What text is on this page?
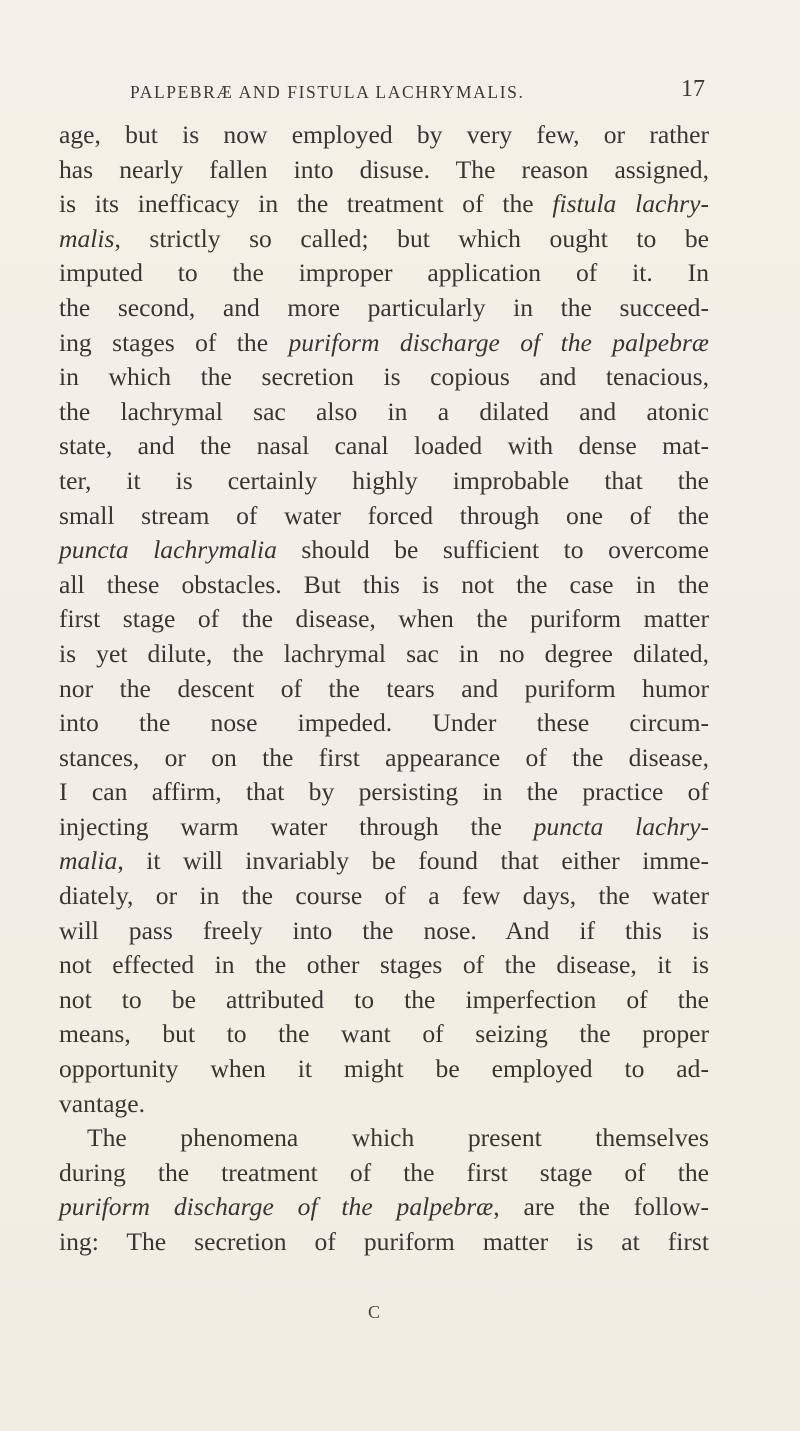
PALPEBRÆ AND FISTULA LACHRYMALIS.	17
age, but is now employed by very few, or rather
has nearly fallen into disuse. The reason assigned,
is its inefficacy in the treatment of the fistula lachry-
malis, strictly so called; but which ought to be
imputed to the improper application of it. In
the second, and more particularly in the succeed-
ing stages of the puriform discharge of the palpebræ
in which the secretion is copious and tenacious,
the lachrymal sac also in a dilated and atonic
state, and the nasal canal loaded with dense mat-
ter, it is certainly highly improbable that the
small stream of water forced through one of the
puncta lachrymalia should be sufficient to overcome
all these obstacles. But this is not the case in the
first stage of the disease, when the puriform matter
is yet dilute, the lachrymal sac in no degree dilated,
nor the descent of the tears and puriform humor
into the nose impeded. Under these circum-
stances, or on the first appearance of the disease,
I can affirm, that by persisting in the practice of
injecting warm water through the puncta lachry-
malia, it will invariably be found that either imme-
diately, or in the course of a few days, the water
will pass freely into the nose. And if this is
not effected in the other stages of the disease, it is
not to be attributed to the imperfection of the
means, but to the want of seizing the proper
opportunity when it might be employed to ad-
vantage.
The phenomena which present themselves
during the treatment of the first stage of the
puriform discharge of the palpebræ, are the follow-
ing: The secretion of puriform matter is at first
C
